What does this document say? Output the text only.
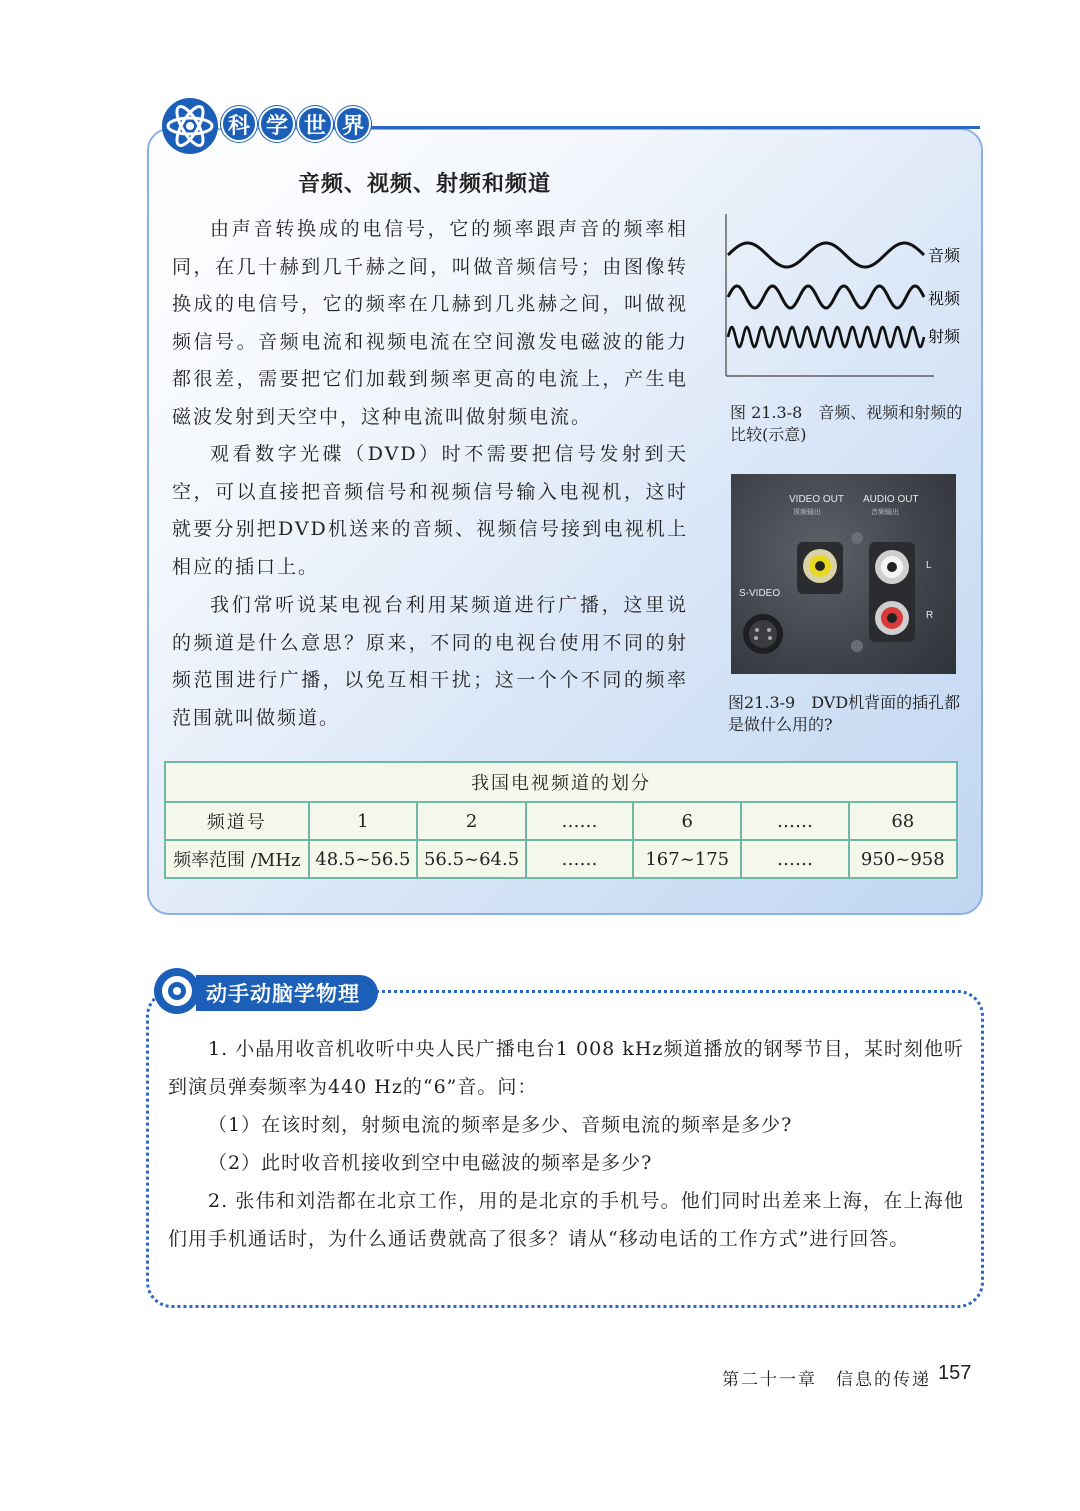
科 学 世 界
音频、视频、射频和频道

由声音转换成的电信号，它的频率跟声音的频率相同，在几十赫到几千赫之间，叫做音频信号；由图像转换成的电信号，它的频率在几赫到几兆赫之间，叫做视频信号。音频电流和视频电流在空间激发电磁波的能力都很差，需要把它们加载到频率更高的电流上，产生电磁波发射到天空中，这种电流叫做射频电流。

观看数字光碟（DVD）时不需要把信号发射到天空，可以直接把音频信号和视频信号输入电视机，这时就要分别把DVD机送来的音频、视频信号接到电视机上相应的插口上。

我们常听说某电视台利用某频道进行广播，这里说的频道是什么意思？原来，不同的电视台使用不同的射频范围进行广播，以免互相干扰；这一个个不同的频率范围就叫做频道。

音频
视频
射频
图 21.3-8　音频、视频和射频的比较(示意)
VIDEO OUT
视频输出
AUDIO OUT
音频输出
S-VIDEO
L
R
图21.3-9　DVD机背面的插孔都是做什么用的?
我国电视频道的划分						
频道号	1	2	……	6	……	68
频率范围 /MHz	48.5~56.5	56.5~64.5	……	167~175	……	950~958
动手动脑学物理

1. 小晶用收音机收听中央人民广播电台1 008 kHz频道播放的钢琴节目，某时刻他听到演员弹奏频率为440 Hz的“6”音。问：

（1）在该时刻，射频电流的频率是多少、音频电流的频率是多少?

（2）此时收音机接收到空中电磁波的频率是多少?

2. 张伟和刘浩都在北京工作，用的是北京的手机号。他们同时出差来上海，在上海他们用手机通话时，为什么通话费就高了很多？请从“移动电话的工作方式”进行回答。

第二十一章　信息的传递 157
